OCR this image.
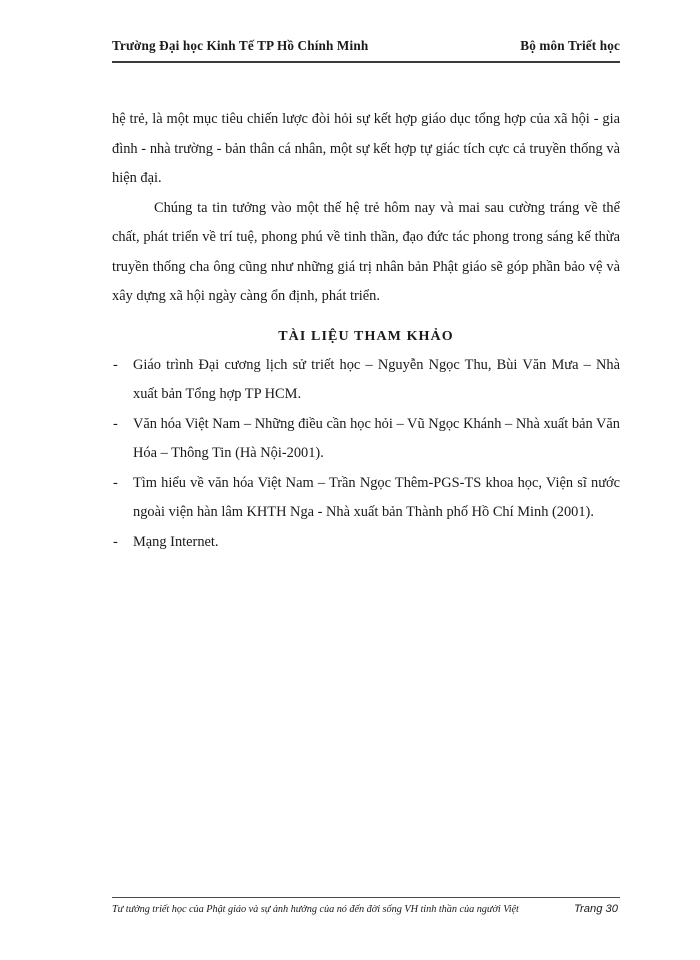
Trường Đại học Kinh Tế TP Hồ Chính Minh	Bộ môn Triết học

hệ trẻ, là một mục tiêu chiến lược đòi hỏi sự kết hợp giáo dục tổng hợp của xã hội - gia đình - nhà trường - bản thân cá nhân, một sự kết hợp tự giác tích cực cả truyền thống và hiện đại.

Chúng ta tin tưởng vào một thế hệ trẻ hôm nay và mai sau cường tráng về thể chất, phát triển về trí tuệ, phong phú về tinh thần, đạo đức tác phong trong sáng kế thừa truyền thống cha ông cũng như những giá trị nhân bản Phật giáo sẽ góp phần bảo vệ và xây dựng xã hội ngày càng ổn định, phát triển.

TÀI LIỆU THAM KHẢO
- Giáo trình Đại cương lịch sử triết học – Nguyễn Ngọc Thu, Bùi Văn Mưa – Nhà xuất bản Tổng hợp TP HCM.
- Văn hóa Việt Nam – Những điều cần học hỏi – Vũ Ngọc Khánh – Nhà xuất bản Văn Hóa – Thông Tin (Hà Nội-2001).
- Tìm hiểu về văn hóa Việt Nam – Trần Ngọc Thêm-PGS-TS khoa học, Viện sĩ nước ngoài viện hàn lâm KHTH Nga - Nhà xuất bản Thành phố Hồ Chí Minh (2001).
- Mạng Internet.
Tư tưởng triết học của Phật giáo và sự ảnh hưởng của nó đến đời sống VH tinh thần của người Việt	Trang 30
